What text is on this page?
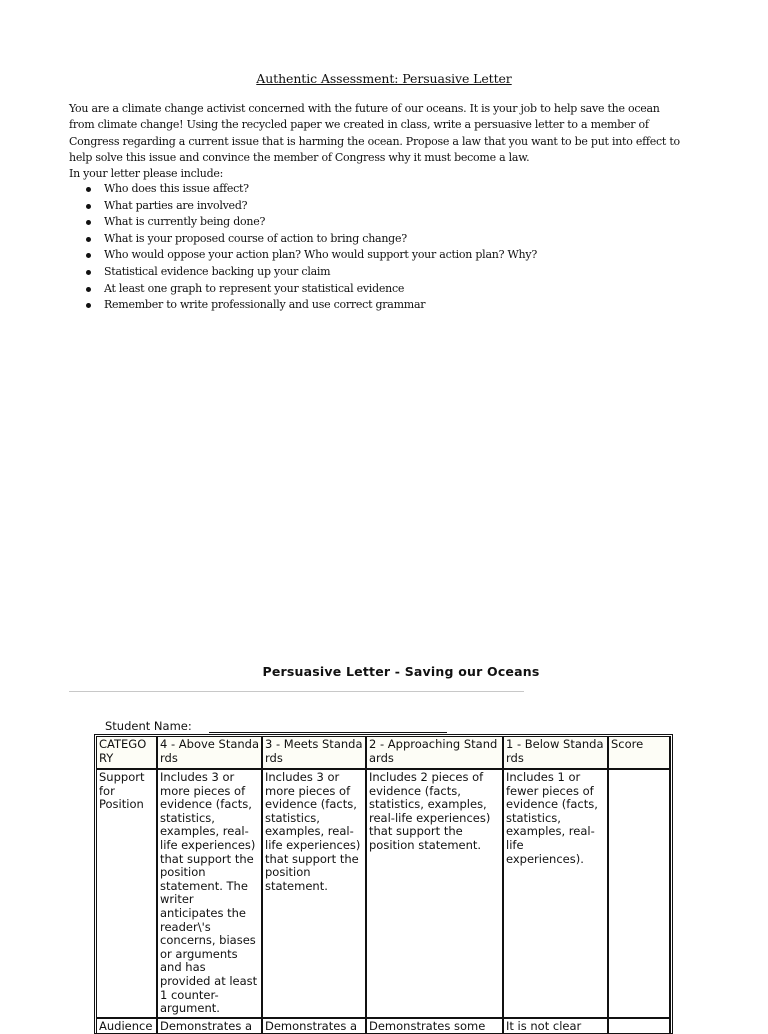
Authentic Assessment: Persuasive Letter

You are a climate change activist concerned with the future of our oceans. It is your job to help save the ocean

from climate change! Using the recycled paper we created in class, write a persuasive letter to a member of

Congress regarding a current issue that is harming the ocean. Propose a law that you want to be put into effect to

help solve this issue and convince the member of Congress why it must become a law.

In your letter please include:

Who does this issue affect?
What parties are involved?
What is currently being done?
What is your proposed course of action to bring change?
Who would oppose your action plan? Who would support your action plan? Why?
Statistical evidence backing up your claim
At least one graph to represent your statistical evidence
Remember to write professionally and use correct grammar
Persuasive Letter - Saving our Oceans
Student Name:
CATEGORY	4 - Above Standards	3 - Meets Standards	2 - Approaching Standards	1 - Below Standards	Score
Support for Position	Includes 3 or more pieces of evidence (facts, statistics, examples, real-life experiences) that support the position statement. The writer anticipates the reader\'s concerns, biases or arguments and has provided at least 1 counter-argument.	Includes 3 or more pieces of evidence (facts, statistics, examples, real-life experiences) that support the position statement.	Includes 2 pieces of evidence (facts, statistics, examples, real-life experiences) that support the position statement.	Includes 1 or fewer pieces of evidence (facts, statistics, examples, real-life experiences).	
Audience	Demonstrates a	Demonstrates a	Demonstrates some	It is not clear	
